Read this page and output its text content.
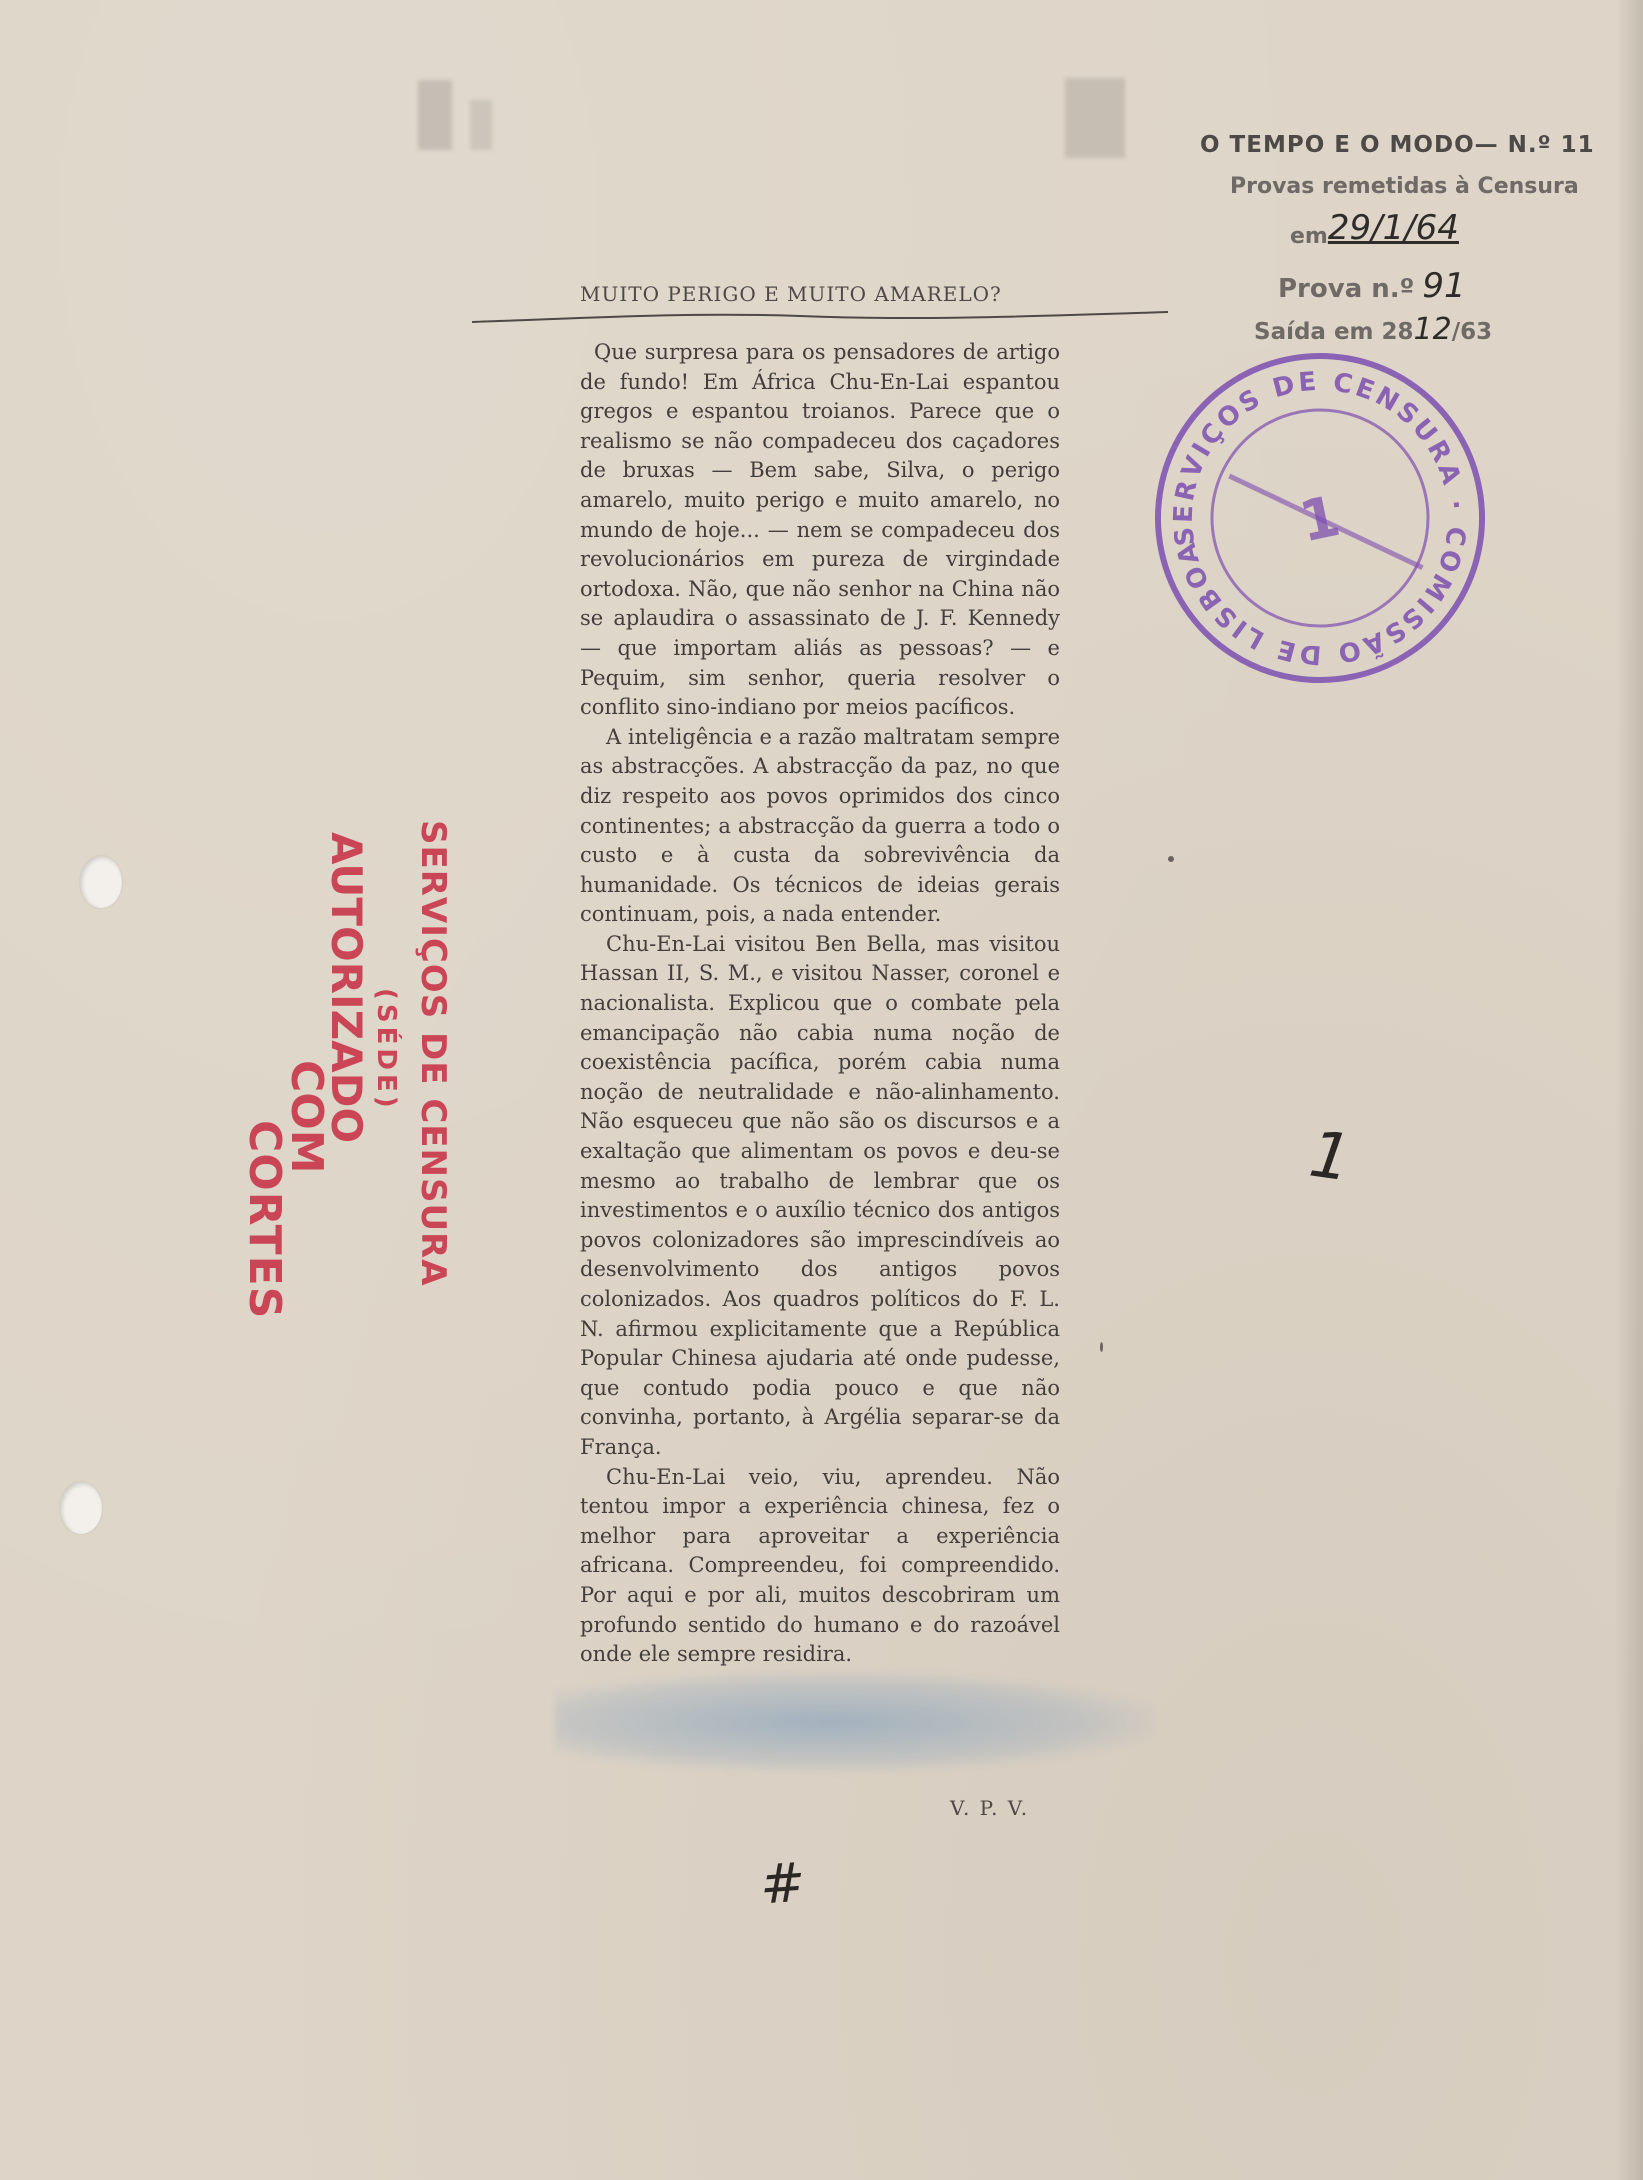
O TEMPO E O MODO— N.º 11
Provas remetidas à Censura
em29/1/64
Prova n.º 91
Saída em 2812/63
SERVIÇOS DE CENSURA · COMISSÃO DE LISBOA ·
1
SERVIÇOS DE CENSURA
(SÉDE)
AUTORIZADO
COM
CORTES
MUITO PERIGO E MUITO AMARELO?

Que surpresa para os pensadores de artigo de fundo! Em África Chu-En-Lai espantou gregos e espantou troianos. Parece que o realismo se não compadeceu dos caçadores de bruxas — Bem sabe, Silva, o perigo amarelo, muito perigo e muito amarelo, no mundo de hoje... — nem se compadeceu dos revolucionários em pureza de virgindade ortodoxa. Não, que não senhor na China não se aplaudira o assassinato de J. F. Kennedy — que importam aliás as pessoas? — e Pequim, sim senhor, queria resolver o conflito sino-indiano por meios pacíficos.

A inteligência e a razão maltratam sempre as abstracções. A abstracção da paz, no que diz respeito aos povos oprimidos dos cinco continentes; a abstracção da guerra a todo o custo e à custa da sobrevivência da humanidade. Os técnicos de ideias gerais continuam, pois, a nada entender.

Chu-En-Lai visitou Ben Bella, mas visitou Hassan II, S. M., e visitou Nasser, coronel e nacionalista. Explicou que o combate pela emancipação não cabia numa noção de coexistência pacífica, porém cabia numa noção de neutralidade e não-alinhamento. Não esqueceu que não são os discursos e a exaltação que alimentam os povos e deu-se mesmo ao trabalho de lembrar que os investimentos e o auxílio técnico dos antigos povos colonizadores são imprescindíveis ao desenvolvimento dos antigos povos colonizados. Aos quadros políticos do F. L. N. afirmou explicitamente que a República Popular Chinesa ajudaria até onde pudesse, que contudo podia pouco e que não convinha, portanto, à Argélia separar-se da França.

Chu-En-Lai veio, viu, aprendeu. Não tentou impor a experiência chinesa, fez o melhor para aproveitar a experiência africana. Compreendeu, foi compreendido. Por aqui e por ali, muitos descobriram um profundo sentido do humano e do razoável onde ele sempre residira.

V. P. V.
1
#
